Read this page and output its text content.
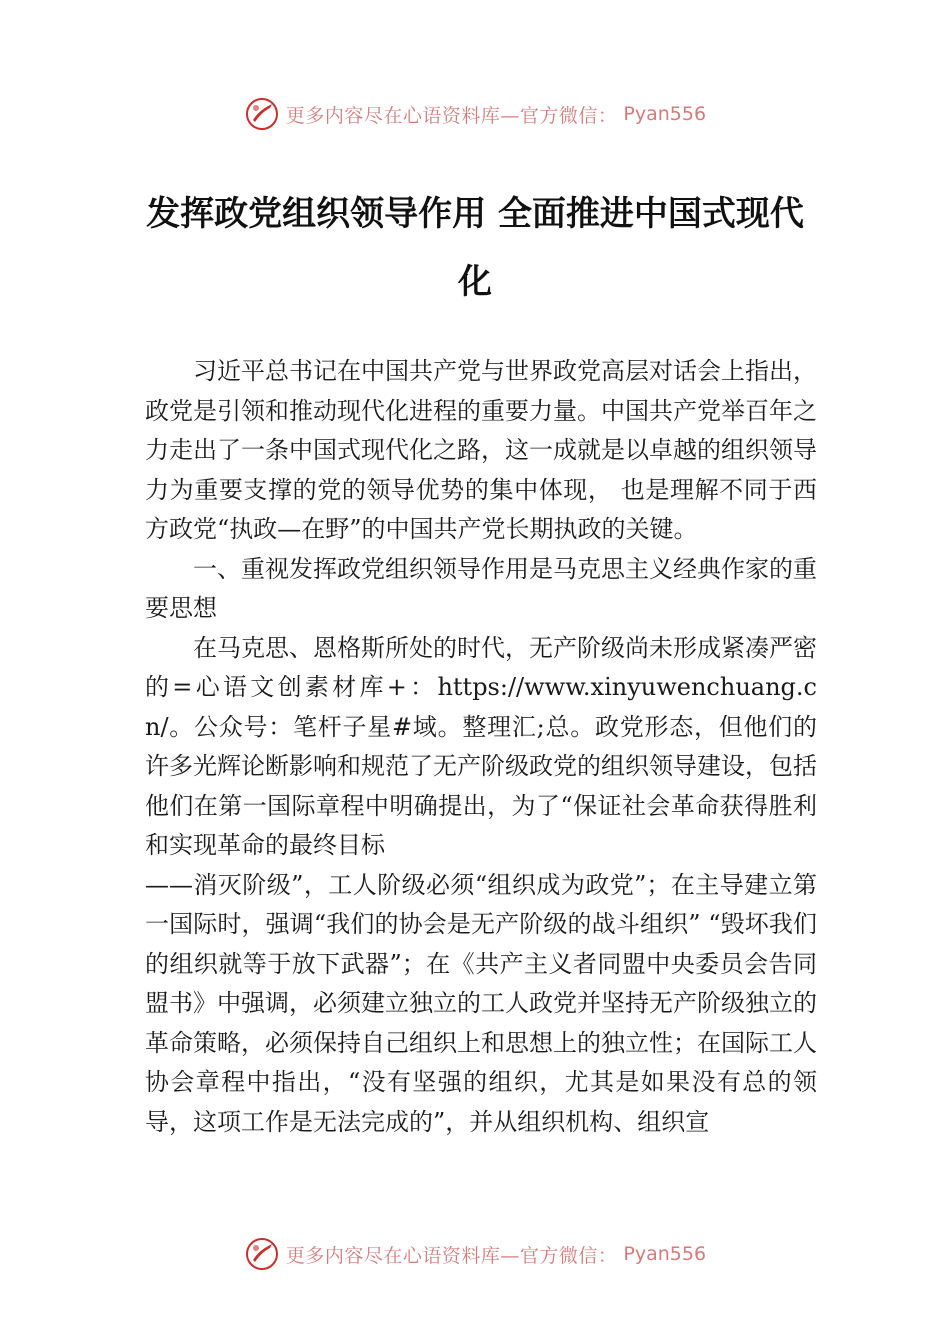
更多内容尽在心语资料库—官方微信： Pyan556
发挥政党组织领导作用 全面推进中国式现代化

习近平总书记在中国共产党与世界政党高层对话会上指出，政党是引领和推动现代化进程的重要力量。中国共产党举百年之力走出了一条中国式现代化之路，这一成就是以卓越的组织领导力为重要支撑的党的领导优势的集中体现， 也是理解不同于西方政党“执政—在野”的中国共产党长期执政的关键。

一、重视发挥政党组织领导作用是马克思主义经典作家的重要思想

在马克思、恩格斯所处的时代，无产阶级尚未形成紧凑严密的=心语文创素材库+：https://www.xinyuwenchuang.cn/。公众号：笔杆子星#域。整理汇;总。政党形态，但他们的许多光辉论断影响和规范了无产阶级政党的组织领导建设，包括他们在第一国际章程中明确提出，为了“保证社会革命获得胜利和实现革命的最终目标

——消灭阶级”，工人阶级必须“组织成为政党”；在主导建立第一国际时，强调“我们的协会是无产阶级的战斗组织” “毁坏我们的组织就等于放下武器”；在《共产主义者同盟中央委员会告同盟书》中强调，必须建立独立的工人政党并坚持无产阶级独立的革命策略，必须保持自己组织上和思想上的独立性；在国际工人协会章程中指出，“没有坚强的组织，尤其是如果没有总的领导，这项工作是无法完成的”，并从组织机构、组织宣

更多内容尽在心语资料库—官方微信： Pyan556
